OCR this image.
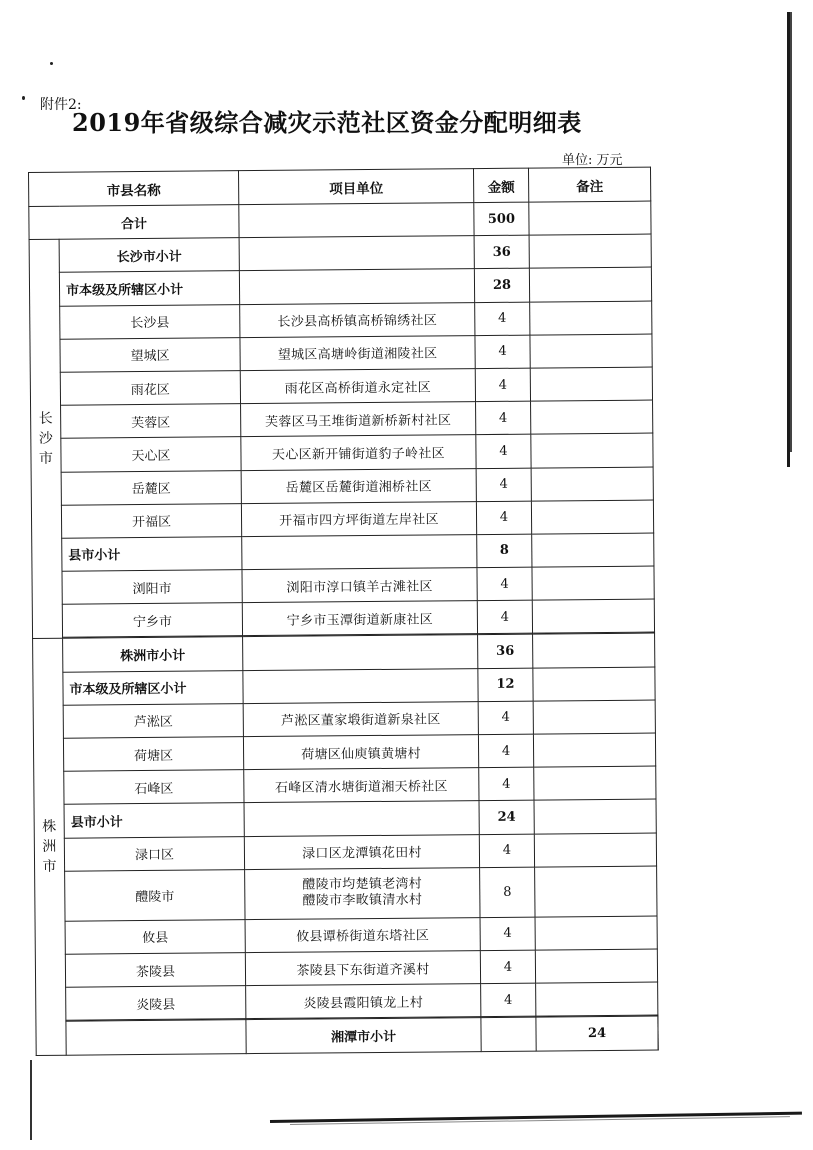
附件2:
2019年省级综合减灾示范社区资金分配明细表
单位: 万元
市县名称		项目单位	金额	备注	
合计			500		
长沙市	长沙市小计		36		
	市本级及所辖区小计		28		
	长沙县	长沙县高桥镇高桥锦绣社区	4		
	望城区	望城区高塘岭街道湘陵社区	4		
	雨花区	雨花区高桥街道永定社区	4		
	芙蓉区	芙蓉区马王堆街道新桥新村社区	4		
	天心区	天心区新开铺街道豹子岭社区	4		
	岳麓区	岳麓区岳麓街道湘桥社区	4		
	开福区	开福市四方坪街道左岸社区	4		
	县市小计		8		
	浏阳市	浏阳市淳口镇羊古滩社区	4		
	宁乡市	宁乡市玉潭街道新康社区	4		

株洲市	株洲市小计		36		
	市本级及所辖区小计		12		
	芦淞区	芦淞区董家塅街道新泉社区	4		
	荷塘区	荷塘区仙庾镇黄塘村	4		
	石峰区	石峰区清水塘街道湘天桥社区	4		
	县市小计		24		
	渌口区	渌口区龙潭镇花田村	4		
	醴陵市	醴陵市均楚镇老湾村
醴陵市李畋镇清水村	8		
	攸县	攸县谭桥街道东塔社区	4		
	茶陵县	茶陵县下东街道齐溪村	4		
	炎陵县	炎陵县霞阳镇龙上村	4		

		湘潭市小计		24	
